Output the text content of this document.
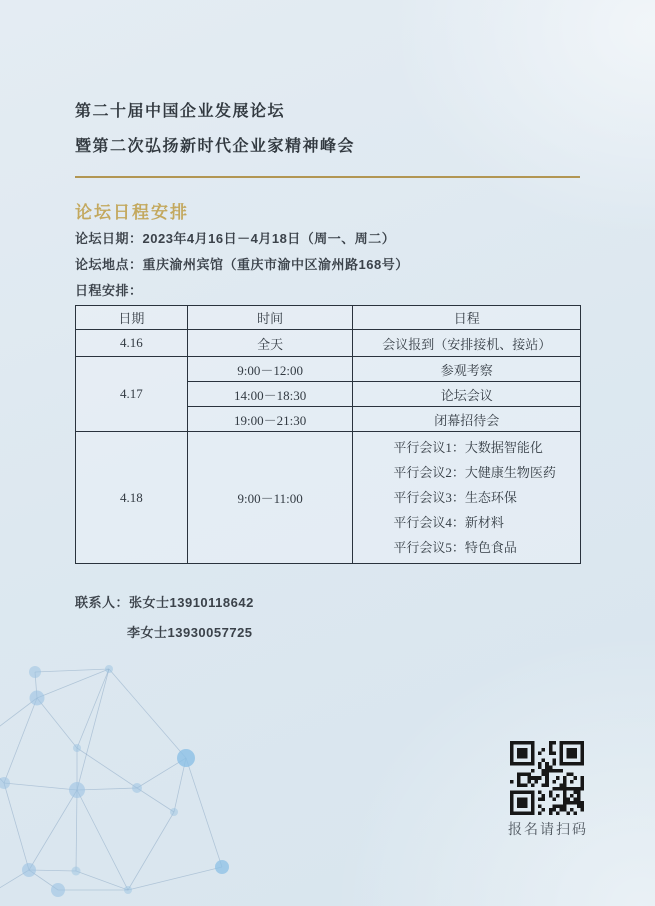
第二十届中国企业发展论坛
暨第二次弘扬新时代企业家精神峰会
论坛日程安排
论坛日期：2023年4月16日－4月18日（周一、周二）
论坛地点：重庆渝州宾馆（重庆市渝中区渝州路168号）
日程安排：
日期	时间	日程
4.16	全天	会议报到（安排接机、接站）
4.17	9:00－12:00	参观考察
	14:00－18:30	论坛会议
	19:00－21:30	闭幕招待会
4.18	9:00－11:00	平行会议1：大数据智能化
平行会议2：大健康生物医药
平行会议3：生态环保
平行会议4：新材料
平行会议5：特色食品
联系人：张女士13910118642
李女士13930057725
报名请扫码
